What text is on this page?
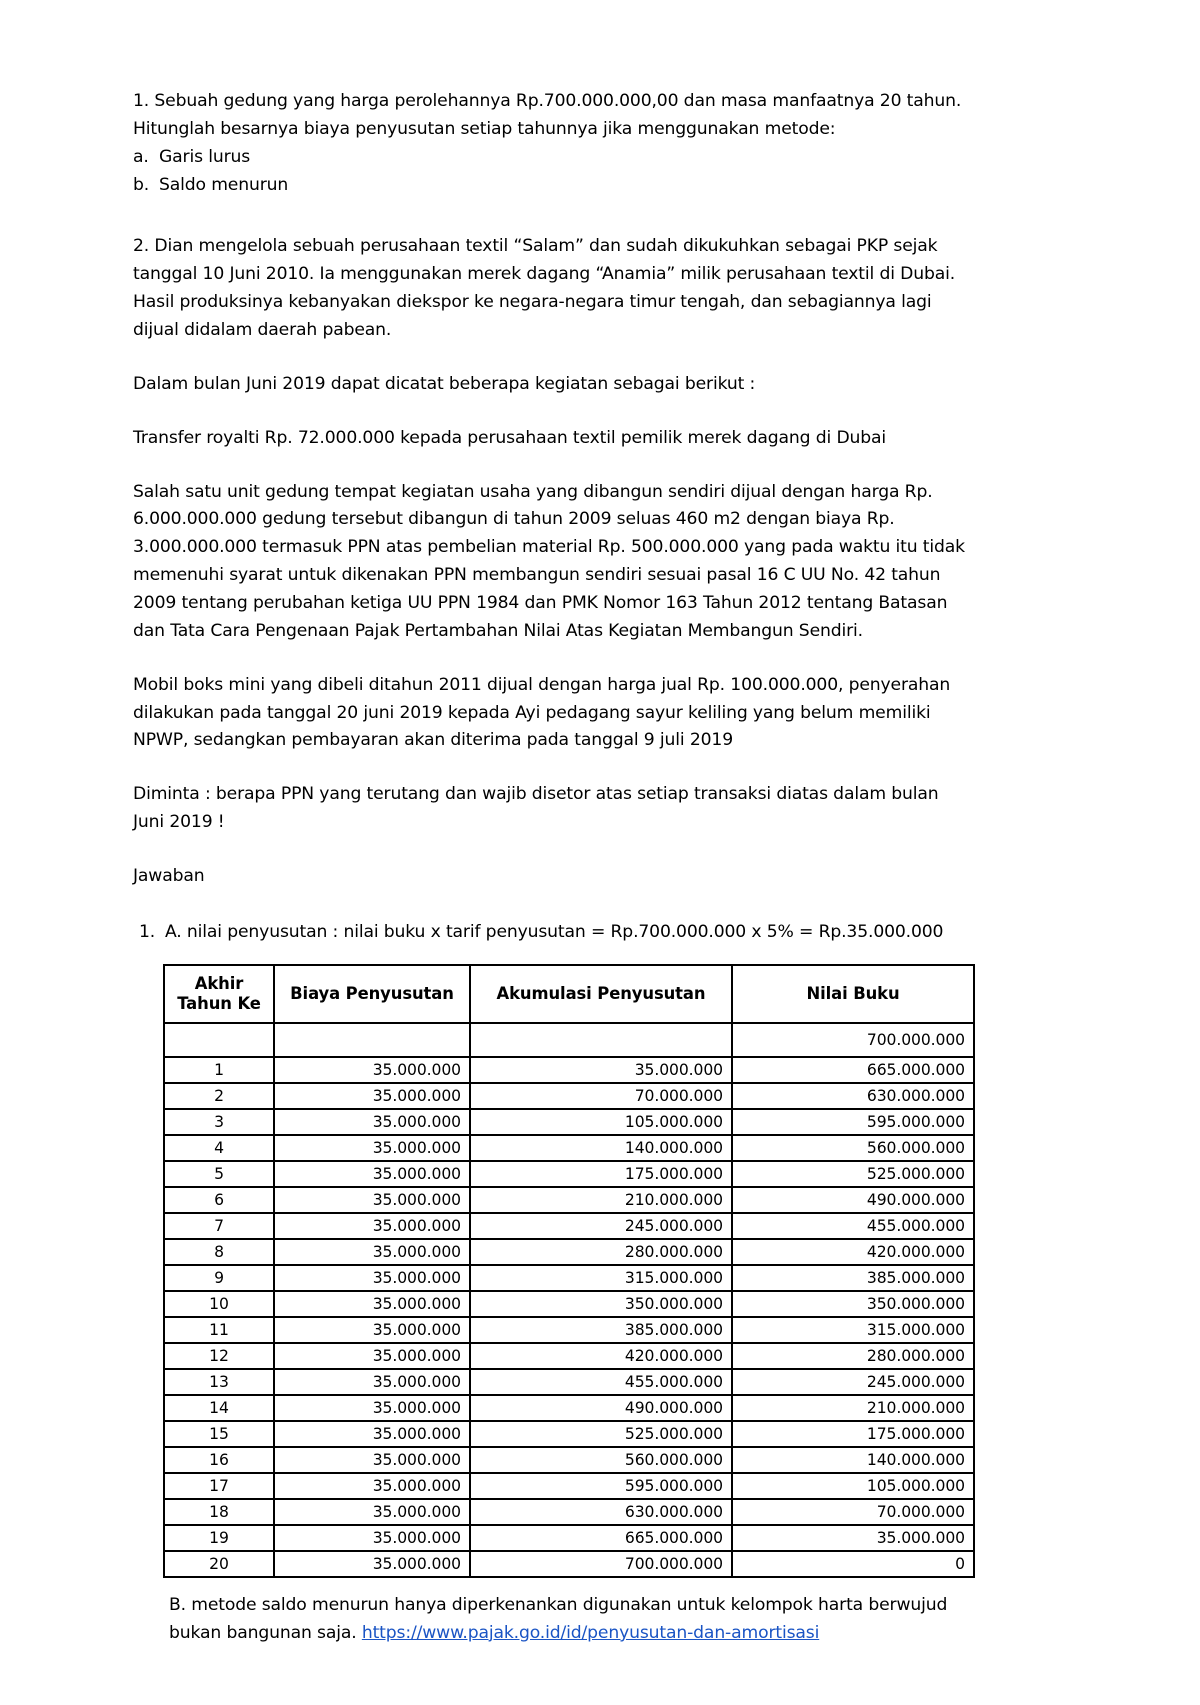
1. Sebuah gedung yang harga perolehannya Rp.700.000.000,00 dan masa manfaatnya 20 tahun. Hitunglah besarnya biaya penyusutan setiap tahunnya jika menggunakan metode:

a. Garis lurus
b. Saldo menurun

2. Dian mengelola sebuah perusahaan textil “Salam” dan sudah dikukuhkan sebagai PKP sejak tanggal 10 Juni 2010. Ia menggunakan merek dagang “Anamia” milik perusahaan textil di Dubai. Hasil produksinya kebanyakan diekspor ke negara-negara timur tengah, dan sebagiannya lagi dijual didalam daerah pabean.

Dalam bulan Juni 2019 dapat dicatat beberapa kegiatan sebagai berikut :

Transfer royalti Rp. 72.000.000 kepada perusahaan textil pemilik merek dagang di Dubai

Salah satu unit gedung tempat kegiatan usaha yang dibangun sendiri dijual dengan harga Rp. 6.000.000.000 gedung tersebut dibangun di tahun 2009 seluas 460 m2 dengan biaya Rp. 3.000.000.000 termasuk PPN atas pembelian material Rp. 500.000.000 yang pada waktu itu tidak memenuhi syarat untuk dikenakan PPN membangun sendiri sesuai pasal 16 C UU No. 42 tahun 2009 tentang perubahan ketiga UU PPN 1984 dan PMK Nomor 163 Tahun 2012 tentang Batasan dan Tata Cara Pengenaan Pajak Pertambahan Nilai Atas Kegiatan Membangun Sendiri.

Mobil boks mini yang dibeli ditahun 2011 dijual dengan harga jual Rp. 100.000.000, penyerahan dilakukan pada tanggal 20 juni 2019 kepada Ayi pedagang sayur keliling yang belum memiliki NPWP, sedangkan pembayaran akan diterima pada tanggal 9 juli 2019

Diminta : berapa PPN yang terutang dan wajib disetor atas setiap transaksi diatas dalam bulan Juni 2019 !

Jawaban

1. A. nilai penyusutan : nilai buku x tarif penyusutan = Rp.700.000.000 x 5% = Rp.35.000.000
Akhir
Tahun Ke	Biaya Penyusutan	Akumulasi Penyusutan	Nilai Buku
			700.000.000
1	35.000.000	35.000.000	665.000.000
2	35.000.000	70.000.000	630.000.000
3	35.000.000	105.000.000	595.000.000
4	35.000.000	140.000.000	560.000.000
5	35.000.000	175.000.000	525.000.000
6	35.000.000	210.000.000	490.000.000
7	35.000.000	245.000.000	455.000.000
8	35.000.000	280.000.000	420.000.000
9	35.000.000	315.000.000	385.000.000
10	35.000.000	350.000.000	350.000.000
11	35.000.000	385.000.000	315.000.000
12	35.000.000	420.000.000	280.000.000
13	35.000.000	455.000.000	245.000.000
14	35.000.000	490.000.000	210.000.000
15	35.000.000	525.000.000	175.000.000
16	35.000.000	560.000.000	140.000.000
17	35.000.000	595.000.000	105.000.000
18	35.000.000	630.000.000	70.000.000
19	35.000.000	665.000.000	35.000.000
20	35.000.000	700.000.000	0

B. metode saldo menurun hanya diperkenankan digunakan untuk kelompok harta berwujud bukan bangunan saja. https://www.pajak.go.id/id/penyusutan-dan-amortisasi
